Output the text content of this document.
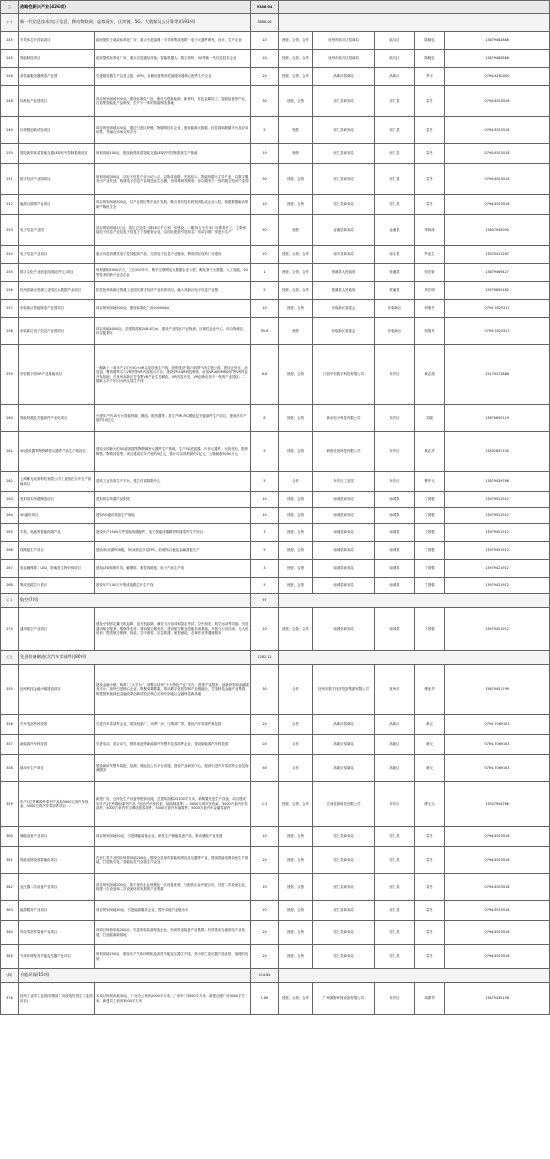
二	战略性新兴产业(426项)		9386.04					
(一)	新一代信息技术(电子信息、移动物联网、虚拟现实、区块链、5G、大数据及云计算等)(193项)		5688.06					
245	半导体芯片封装项目	政府提供土地或标准化厂房，重点引进晶圆－半导体集成电路－电子元器件研发、设计、生产企业	10	独资、合资、合作	抚州市临川区招商局	临川区	陈晓忠	13879482886
245	智能制造项目	政府提供标准化厂房，重点引进通信设备、智能机器人、数字视听、5G等新一代信息技术企业	10	独资、合资、合作	抚州市临川区招商局	临川区	陈晓忠	13879482886
246	高性能服务器制造产业园	引进服务器生产以及主板、GPU、存储设备等高性能服务器核心配件生产企业	20	独资、合资、合作	高新区招商局	高新区	罗平	0794-8261000
248	标准化产业园项目	项目规划用地700亩，建设标准化厂房，重点引进新能源、新材料、有色金属加工、智能装备等产业，打造集智能化产品研发、生产于一体的智能制造基地	30	独资、合资	崇仁县商务局	崇仁县	袁冬	0794-6315518
249	区块链创新试验项目	项目规划用地100亩，通过引进区块链、物联网技术企业，建设能源大数据、信息基础数据平台及应用场景，并融合市场交易平台	5	独资	崇仁县商务局	崇仁县	袁冬	0794-6315518
250	国电新型高清智能交通LED信号控制系统项目	规划用地100亩，建设新型高清智能交通LED信号控制系统生产基地	10	独资	崇仁县商务局	崇仁县	袁冬	0794-6315518
251	数字经济产业园项目	规划用地300亩，以电子信息产业为切入点，以集成电路、先进显示、智能终端为主导产业，以数字服务为产业外延，构建电子信息产业制造业生态圈，形成集研发制造、综合服务于一体的数字经济产业园	30	独资、合资	崇仁县商务局	崇仁县	袁冬	0794-6315518
252	能源互联网产业项目	项目规划用地300亩，以产业园区集中连片发展，吸引具有技术研发团队或企业入驻，构建数据驱动的研产购机生态	10	独资、合资	崇仁县商务局	崇仁县	袁冬	0794-6315518
253	电子信息产业园	项目规划用地1万亩，园区已完成一期16万平方米厂房建设，二期70万平方米厂房即将开工，主要承接电子信息产业及电子信息上下游配套企业，以园区配套引进知名厂房或自建厂房进行生产	50	独资	金溪县商务局	金溪县	李林涛	13607945000
254	电子信息产业项目	重点引进消费类电子及其配套产品，完善电子信息产业链条，利用园区现有厂房建设	10	独资、合资、合作	南丰县商务局	南丰县	罗连生	13970411267
255	数字文化产业创业园(数创中心)项目	规划面积5000平方，工位200多个，吸引互联网及大数据企业入驻；孵化基于大数据、人工智能、5G等技术的新兴业态企业	1	独资、合资、合作	资溪县人民政府	资溪县	何庄敏	13879469427
256	抚州高新区资溪工业园区大数据产业项目	依托抚州高新区资溪工业园区数字经济产业培育项目，融入高新区电子信息产业链	5	独资、合资、合作	资溪县人民政府	资溪县	李宏明	15979850182
257	东临新区智能制造产业园项目	项目规划用地500亩，建设标准化厂房200000㎡	10	独资、合资	东临新区管委会	东临新区	何瑞升	0794-7825317
258	东临新区电子信息产业园项目	项目用地4000亩，总建筑面积208.8万㎡，建设产业园区产业物流、区域性企业中心、综合物流区、综合配套区	95.6	独资	东临新区管委会	东临新区	何瑞升	0794-7825317
259	华信数字园VR产业基地项目	一期新上一条年产1万台5G+VR头显设备生产线；投资建设“临川四梦”VR主题公园，建设正房瓦、汤显祖、曹风楼等名人VR馆等VR内容展示平台；建设VR+AR科技教育、虚拟VR/AR/MR/IOT等VR内容开发基地；在抚州高新区打造集VR产业生态孵化、VR内容开发、VR创新应用于一体的产业园区；二期新上年产5万台VR头显生产线	6.8	独资、合资	江西华信数字科技有限公司	东乡区	黄志翔	15179371888
260	智能终端及关键部件产业化项目	兴建年产约10万台智能终端、模组、散热器等，及生产MI-FIC模组及关键部件生产项目，建成后年产值约10亿元	6	独资、合资	新余电子科技有限公司	东乡区	刘渡	13870600119
261	5G滤波器等陶瓷精密元器件产品生产线项目	建设全国最大的5G滤波器等陶瓷精密元器件生产基地，生产5G滤波器、片状元器件、无线充电、散热陶瓷、陶瓷封装等，项目建成后年产值约5亿元，预计可实现利润约1亿元，上缴税收5000万元	5	独资、合资	研创光电科技有限公司	东乡区	黄志华	13502897135
262	上海紫光成套科技有限公司工业园在东乡生产基地项目	建设工业仿真生产平台，建立仿真数据中心	5	合作	东乡区工业园	东乡区	曹华元	13879439766
263	虚拟现实终端制造项目	虚拟现实终端产品制造	10	独资、合资	南城县商务局	南城县	丁国强	13979421912
264	5G通讯项目	建设5G通讯设备生产基地	10	独资、合资	南城县商务局	南城县	丁国强	13979421912
265	手机、电脑等智能终端产品	建设年产2500万件智能终端配件、电子智能终端精密机械零件生产项目	3	独资、合资	南城县商务局	南城县	丁国强	13979421912
266	线路板生产项目	建设单/双面PCB板，单/双面及多层FPC，软硬结合板及金属基板生产	5	独资、合资	南城县商务局	南城县	丁国强	13979421912
267	电容触摸屏、LED、影像及生物识别项目	建设LED照明灯具、触摸屏、柔性线路板、电子产品生产线	3	独资、合资	南城县商务局	南城县	丁国强	13979421912
268	集成电路芯片项目	建设年产100万片集成电路芯片生产线	5	独资、合资	南城县商务局	南城县	丁国强	13979421912
(二)	航空(7项)		97					
275	通用航空产业项目	建设小型固定翼飞机起降、直升机起降，满足飞行培训和鉴定考试、空中游览、航空运动等功能；引进通用航空配套、维修等业务；建设航空服务站；建设航空职业技能培训基地，开展飞行员培训、无人机培训；提供航空维修、组装、空中游览、应急救援、航拍测绘、农林作业等通航服务	10	独资、合资、合作	南城县商务局	南城县	丁国强	13979421912
(三)	先进装备制造(含汽车零部件)(80项)		1282.11					
355	抚州科技金融小镇建设项目	建设金融小镇，构筑“三大平台”，即整合抚州“十大特色产业”平台，搭建产业服务、创新研发和金融服务平台；加快引进核心企业、集聚高端要素，推动数字化转型和产业链融合，打造科技金融产业集群，构建国家级绿色金融改革创新试验区核心区和中部地区金融科技新高地	30	合作	抚州市数字经济投资集团有限公司	抚州市	傅征华	15679451199
356	汽车零部件科技园	引进汽车零部件企业，建设轮胎厂、冲焊厂房、压铸部厂等，建设汽车零部件科技园	20	合作	高新区招商局	高新区	黄元	0794-7069103
357	新能源汽车科技园	引进电动、混合动力、燃料电池等新能源汽车整车及零部件企业，建设新能源汽车科技园	20	合作	高新区招商局	高新区	黄元	0794-7069103
358	商用车生产项目	建设商用车整车装配、检测、储运及公共平台设施，建设产品研发中心，配套引进汽车零部件企业及物流服务	50	合作	高新区招商局	高新区	黄元	0794-7069103
359	年产1亿件橡胶件系列产品及5000万套汽车线束、5000万套汽车零部件项目	新建厂房、仓库及生产设备等配套设施，总建筑面积25100平方米，新购置先进生产设备，项目建成后年产1亿件橡胶系列产品（包括汽车密封条、硅胶制品等）、5000万套汽车线束、5000万套汽车零部件、5000万套汽车空调设备零部件、5000万套汽车减震件、5000万套汽车金属零部件	1.3	独资、合资、合作	江西佳源科技有限公司	东乡区	缪天元	13507944766
360	储能设备产业项目	项目规划用地50亩，引进储能装备企业，研发生产储能装备产品，推动储能产业发展	10	独资、合资	崇仁县商务局	崇仁县	袁冬	0794-6315518
361	智能电网设备智能化项目	在崇仁县产业园区规划用地200亩，围绕全县现有智能电网及变压器等产业，建设智能电网设备生产基地，打造数字化、智能化电气设备生产企业	20	独资、合资	崇仁县商务局	崇仁县	袁冬	0794-6315518
362	变压器二次设备产业项目	项目规划用地200亩，基于现有企业规模及一次设备优势，与配套企业开展合作，引进二次设备企业，构建一次设备和二次设备协同发展的产业集群	10	独资、合资	崇仁县商务局	崇仁县	袁冬	0794-6315518
363	能源服务产业项目	项目规划用地30亩，引进能源服务企业，提升本地产业链水平	10	独资、合资	崇仁县商务局	崇仁县	袁冬	0794-6315518
364	风电零部件装备产业项目	该项目规划用地200亩，引进风电装备制造企业，形成风电装备产业集群，有效带动当地风电产业发展，打造能源新基地	20	独资、合资	崇仁县商务局	崇仁县	袁冬	0794-6315518
365	气体环网柜及节能变压器产业项目	规划用地200亩，建设年产气体环网柜及高效节能变压器生产线，突出崇仁变压器产品优势，低耗的优势	20	独资、合资	崇仁县商务局	崇仁县	袁冬	0794-6315518
(四)	节能环保(15项)		114.84					
376	抚州工业园工业园(收购原厂房改造性再生工业园项目)	本项目规划用地30亩，厂房办公场所2000平方米，厂房车门3000平方米，新建仓储厂房3000平方米，新建员工宿舍3000平方米	1.89	独资、合资、合作	广州源野环保设备有限公司	东乡区	周保华	13879435158
